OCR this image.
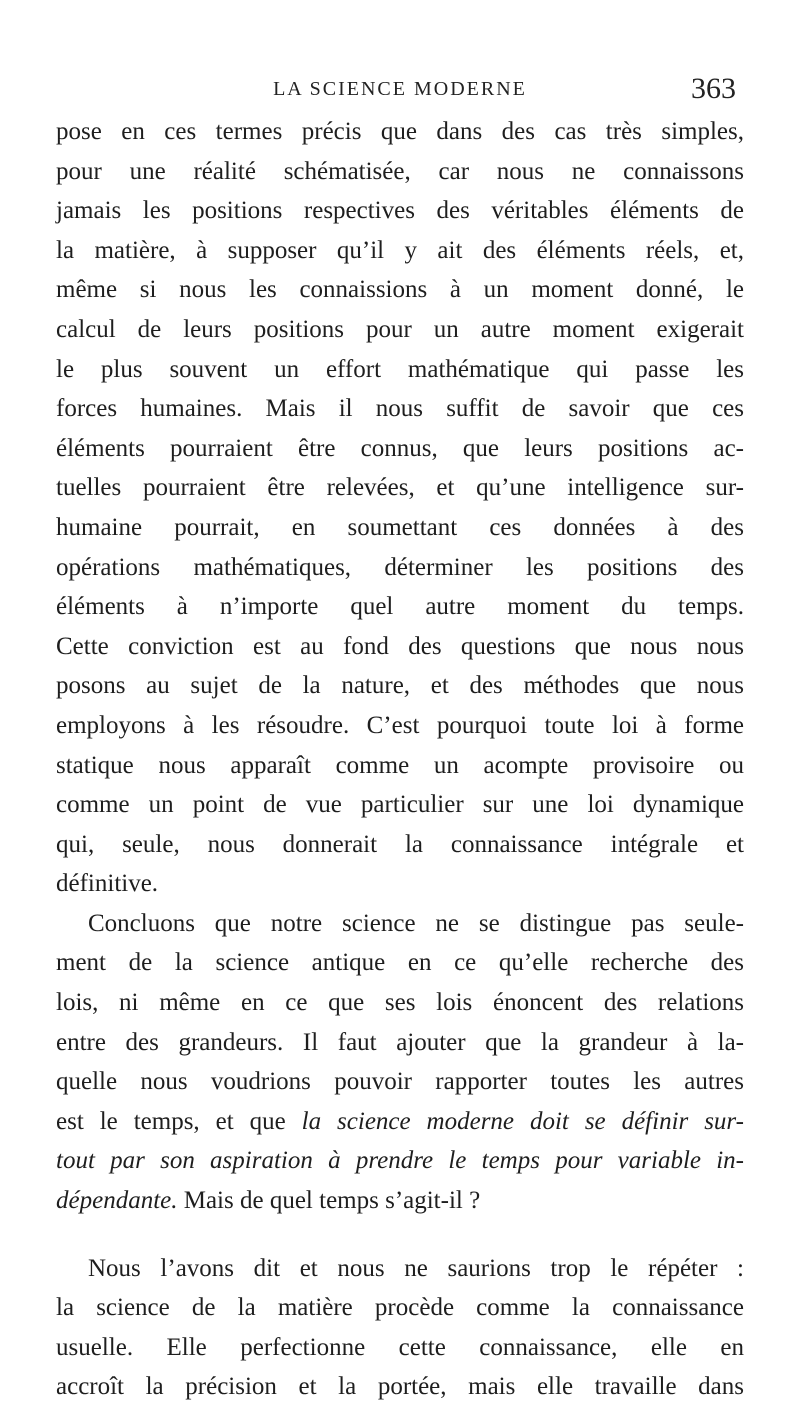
LA SCIENCE MODERNE	363
pose en ces termes précis que dans des cas très simples,
pour une réalité schématisée, car nous ne connaissons
jamais les positions respectives des véritables éléments de
la matière, à supposer qu’il y ait des éléments réels, et,
même si nous les connaissions à un moment donné, le
calcul de leurs positions pour un autre moment exigerait
le plus souvent un effort mathématique qui passe les
forces humaines. Mais il nous suffit de savoir que ces
éléments pourraient être connus, que leurs positions ac-
tuelles pourraient être relevées, et qu’une intelligence sur-
humaine pourrait, en soumettant ces données à des
opérations mathématiques, déterminer les positions des
éléments à n’importe quel autre moment du temps.
Cette conviction est au fond des questions que nous nous
posons au sujet de la nature, et des méthodes que nous
employons à les résoudre. C’est pourquoi toute loi à forme
statique nous apparaît comme un acompte provisoire ou
comme un point de vue particulier sur une loi dynamique
qui, seule, nous donnerait la connaissance intégrale et
définitive.
Concluons que notre science ne se distingue pas seule-
ment de la science antique en ce qu’elle recherche des
lois, ni même en ce que ses lois énoncent des relations
entre des grandeurs. Il faut ajouter que la grandeur à la-
quelle nous voudrions pouvoir rapporter toutes les autres
est le temps, et que la science moderne doit se définir sur-
tout par son aspiration à prendre le temps pour variable in-
dépendante. Mais de quel temps s’agit-il ?
Nous l’avons dit et nous ne saurions trop le répéter :
la science de la matière procède comme la connaissance
usuelle. Elle perfectionne cette connaissance, elle en
accroît la précision et la portée, mais elle travaille dans
